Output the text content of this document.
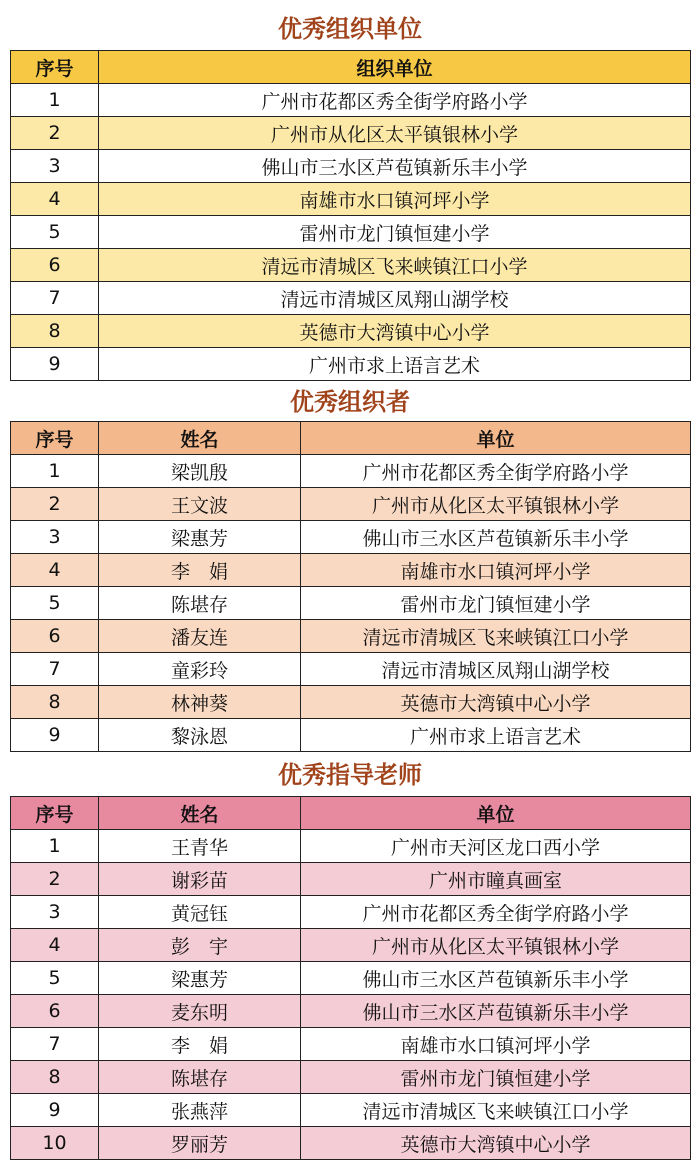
优秀组织单位
序号	组织单位
1	广州市花都区秀全街学府路小学
2	广州市从化区太平镇银林小学
3	佛山市三水区芦苞镇新乐丰小学
4	南雄市水口镇河坪小学
5	雷州市龙门镇恒建小学
6	清远市清城区飞来峡镇江口小学
7	清远市清城区凤翔山湖学校
8	英德市大湾镇中心小学
9	广州市求上语言艺术
优秀组织者
序号	姓名	单位
1	梁凯殷	广州市花都区秀全街学府路小学
2	王文波	广州市从化区太平镇银林小学
3	梁惠芳	佛山市三水区芦苞镇新乐丰小学
4	李　娟	南雄市水口镇河坪小学
5	陈堪存	雷州市龙门镇恒建小学
6	潘友连	清远市清城区飞来峡镇江口小学
7	童彩玲	清远市清城区凤翔山湖学校
8	林神葵	英德市大湾镇中心小学
9	黎泳恩	广州市求上语言艺术
优秀指导老师
序号	姓名	单位
1	王青华	广州市天河区龙口西小学
2	谢彩苗	广州市瞳真画室
3	黄冠钰	广州市花都区秀全街学府路小学
4	彭　宇	广州市从化区太平镇银林小学
5	梁惠芳	佛山市三水区芦苞镇新乐丰小学
6	麦东明	佛山市三水区芦苞镇新乐丰小学
7	李　娟	南雄市水口镇河坪小学
8	陈堪存	雷州市龙门镇恒建小学
9	张燕萍	清远市清城区飞来峡镇江口小学
10	罗丽芳	英德市大湾镇中心小学
